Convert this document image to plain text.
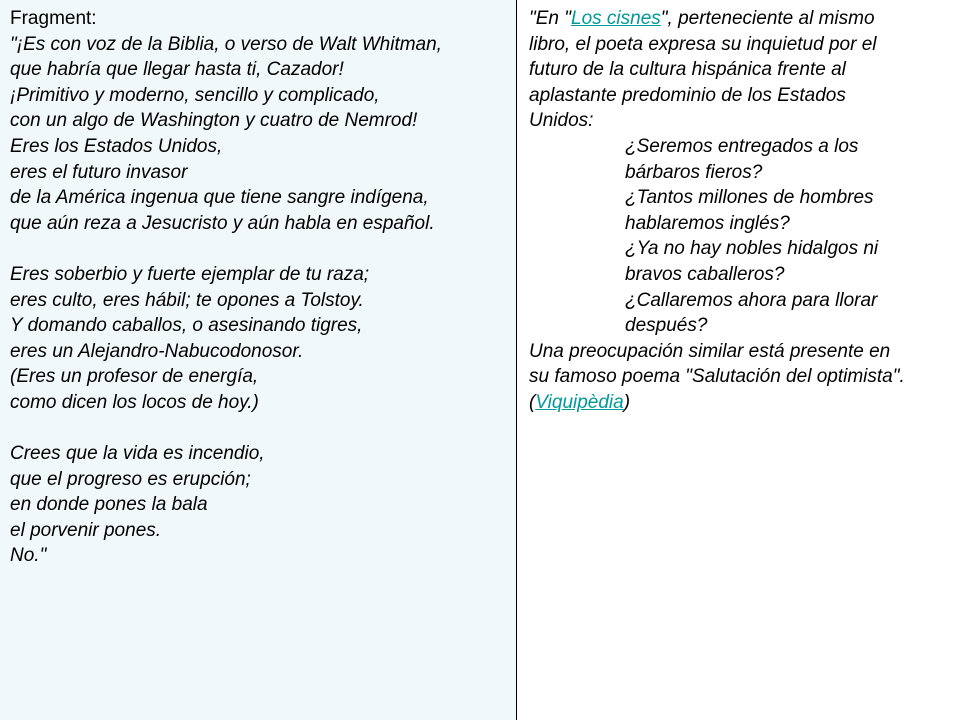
Fragment:
"¡Es con voz de la Biblia, o verso de Walt Whitman,
que habría que llegar hasta ti, Cazador!
¡Primitivo y moderno, sencillo y complicado,
con un algo de Washington y cuatro de Nemrod!
Eres los Estados Unidos,
eres el futuro invasor
de la América ingenua que tiene sangre indígena,
que aún reza a Jesucristo y aún habla en español.
Eres soberbio y fuerte ejemplar de tu raza;
eres culto, eres hábil; te opones a Tolstoy.
Y domando caballos, o asesinando tigres,
eres un Alejandro-Nabucodonosor.
(Eres un profesor de energía,
como dicen los locos de hoy.)
Crees que la vida es incendio,
que el progreso es erupción;
en donde pones la bala
el porvenir pones.
No."
"En "Los cisnes", perteneciente al mismo
libro, el poeta expresa su inquietud por el
futuro de la cultura hispánica frente al
aplastante predominio de los Estados
Unidos:
¿Seremos entregados a los
bárbaros fieros?
¿Tantos millones de hombres
hablaremos inglés?
¿Ya no hay nobles hidalgos ni
bravos caballeros?
¿Callaremos ahora para llorar
después?
Una preocupación similar está presente en
su famoso poema "Salutación del optimista".
(Viquipèdia)
